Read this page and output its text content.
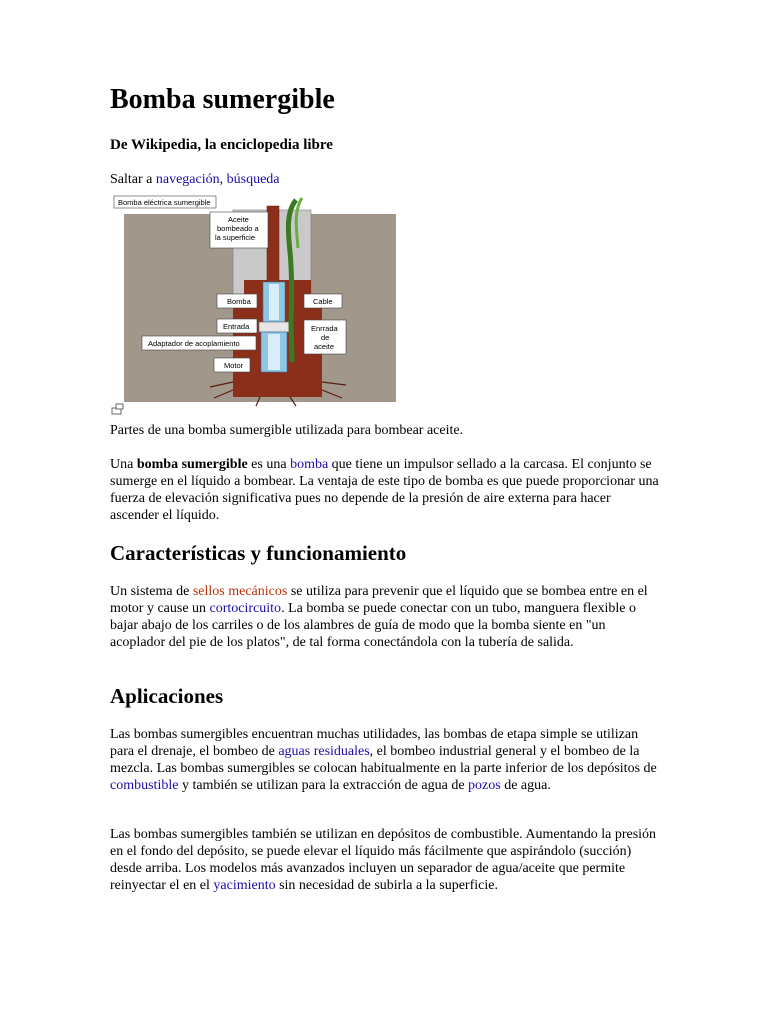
Bomba sumergible
De Wikipedia, la enciclopedia libre
Saltar a navegación, búsqueda
Bomba eléctrica sumergible
Aceite
bombeado a
la superficie
Bomba	Cable
Entrada	Enrrada
de
aceite
Adaptador de acoplamiento
Motor
Partes de una bomba sumergible utilizada para bombear aceite.

Una bomba sumergible es una bomba que tiene un impulsor sellado a la carcasa. El conjunto se sumerge en el líquido a bombear. La ventaja de este tipo de bomba es que puede proporcionar una fuerza de elevación significativa pues no depende de la presión de aire externa para hacer ascender el líquido.

Características y funcionamiento

Un sistema de sellos mecánicos se utiliza para prevenir que el líquido que se bombea entre en el motor y cause un cortocircuito. La bomba se puede conectar con un tubo, manguera flexible o bajar abajo de los carriles o de los alambres de guía de modo que la bomba siente en "un acoplador del pie de los platos", de tal forma conectándola con la tubería de salida.

Aplicaciones

Las bombas sumergibles encuentran muchas utilidades, las bombas de etapa simple se utilizan para el drenaje, el bombeo de aguas residuales, el bombeo industrial general y el bombeo de la mezcla. Las bombas sumergibles se colocan habitualmente en la parte inferior de los depósitos de combustible y también se utilizan para la extracción de agua de pozos de agua.

Las bombas sumergibles también se utilizan en depósitos de combustible. Aumentando la presión en el fondo del depósito, se puede elevar el líquido más fácilmente que aspirándolo (succión) desde arriba. Los modelos más avanzados incluyen un separador de agua/aceite que permite reinyectar el en el yacimiento sin necesidad de subirla a la superficie.
